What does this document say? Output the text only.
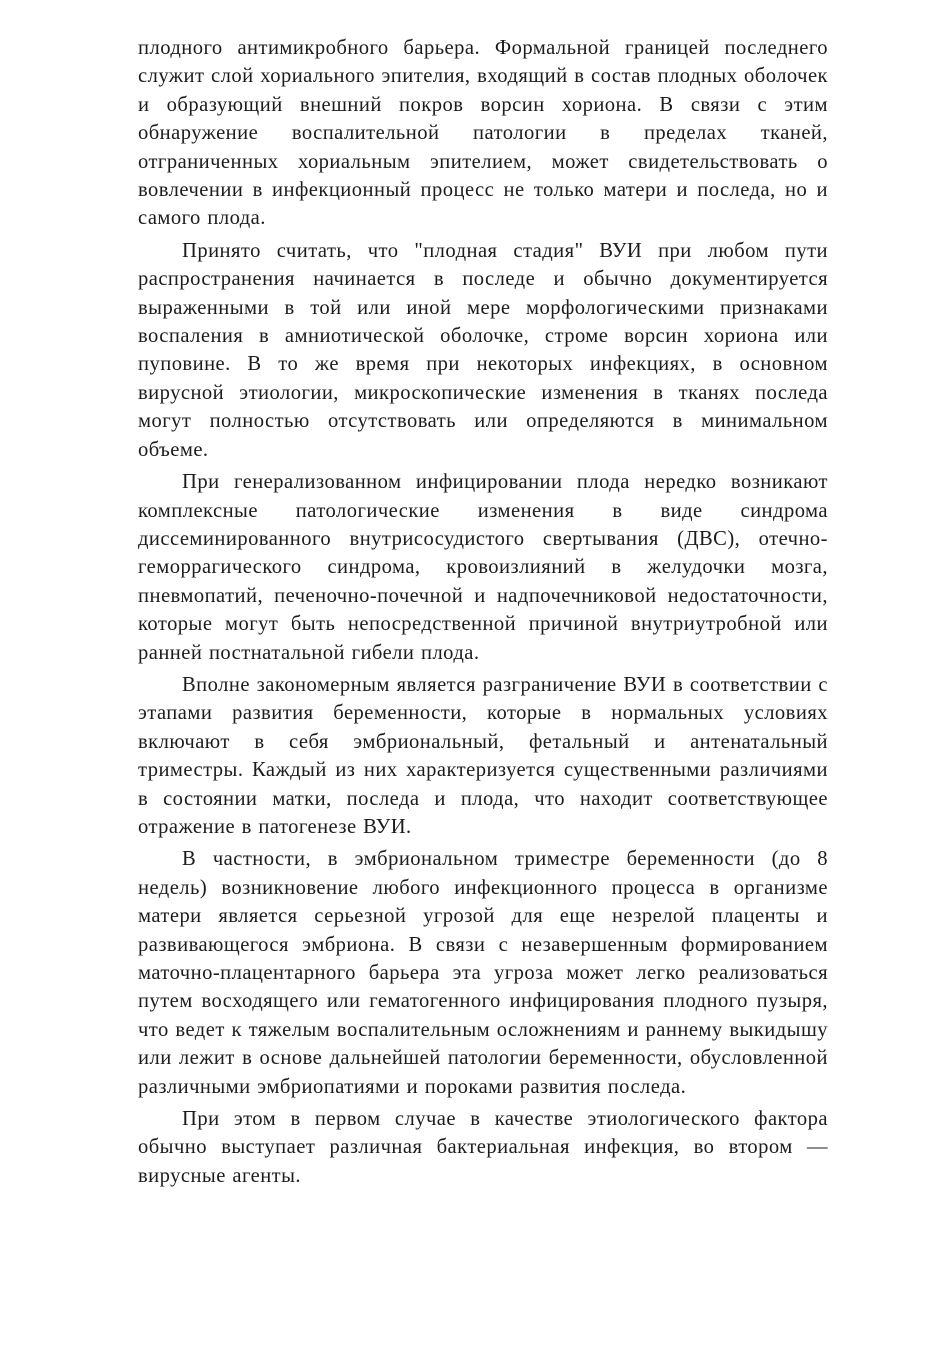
плодного антимикробного барьера. Формальной границей последнего служит слой хориального эпителия, входящий в состав плодных оболочек и образующий внешний покров ворсин хориона. В связи с этим обнаружение воспалительной патологии в пределах тканей, отграниченных хориальным эпителием, может свидетельствовать о вовлечении в инфекционный процесс не только матери и последа, но и самого плода.

Принято считать, что "плодная стадия" ВУИ при любом пути распространения начинается в последе и обычно документируется выраженными в той или иной мере морфологическими признаками воспаления в амниотической оболочке, строме ворсин хориона или пуповине. В то же время при некоторых инфекциях, в основном вирусной этиологии, микроскопические изменения в тканях последа могут полностью отсутствовать или определяются в минимальном объеме.

При генерализованном инфицировании плода нередко возникают комплексные патологические изменения в виде синдрома диссеминированного внутрисосудистого свертывания (ДВС), отечно-геморрагического синдрома, кровоизлияний в желудочки мозга, пневмопатий, печеночно-почечной и надпочечниковой недостаточности, которые могут быть непосредственной причиной внутриутробной или ранней постнатальной гибели плода.

Вполне закономерным является разграничение ВУИ в соответствии с этапами развития беременности, которые в нормальных условиях включают в себя эмбриональный, фетальный и антенатальный триместры. Каждый из них характеризуется существенными различиями в состоянии матки, последа и плода, что находит соответствующее отражение в патогенезе ВУИ.

В частности, в эмбриональном триместре беременности (до 8 недель) возникновение любого инфекционного процесса в организме матери является серьезной угрозой для еще незрелой плаценты и развивающегося эмбриона. В связи с незавершенным формированием маточно-плацентарного барьера эта угроза может легко реализоваться путем восходящего или гематогенного инфицирования плодного пузыря, что ведет к тяжелым воспалительным осложнениям и раннему выкидышу или лежит в основе дальнейшей патологии беременности, обусловленной различными эмбриопатиями и пороками развития последа.

При этом в первом случае в качестве этиологического фактора обычно выступает различная бактериальная инфекция, во втором — вирусные агенты.
